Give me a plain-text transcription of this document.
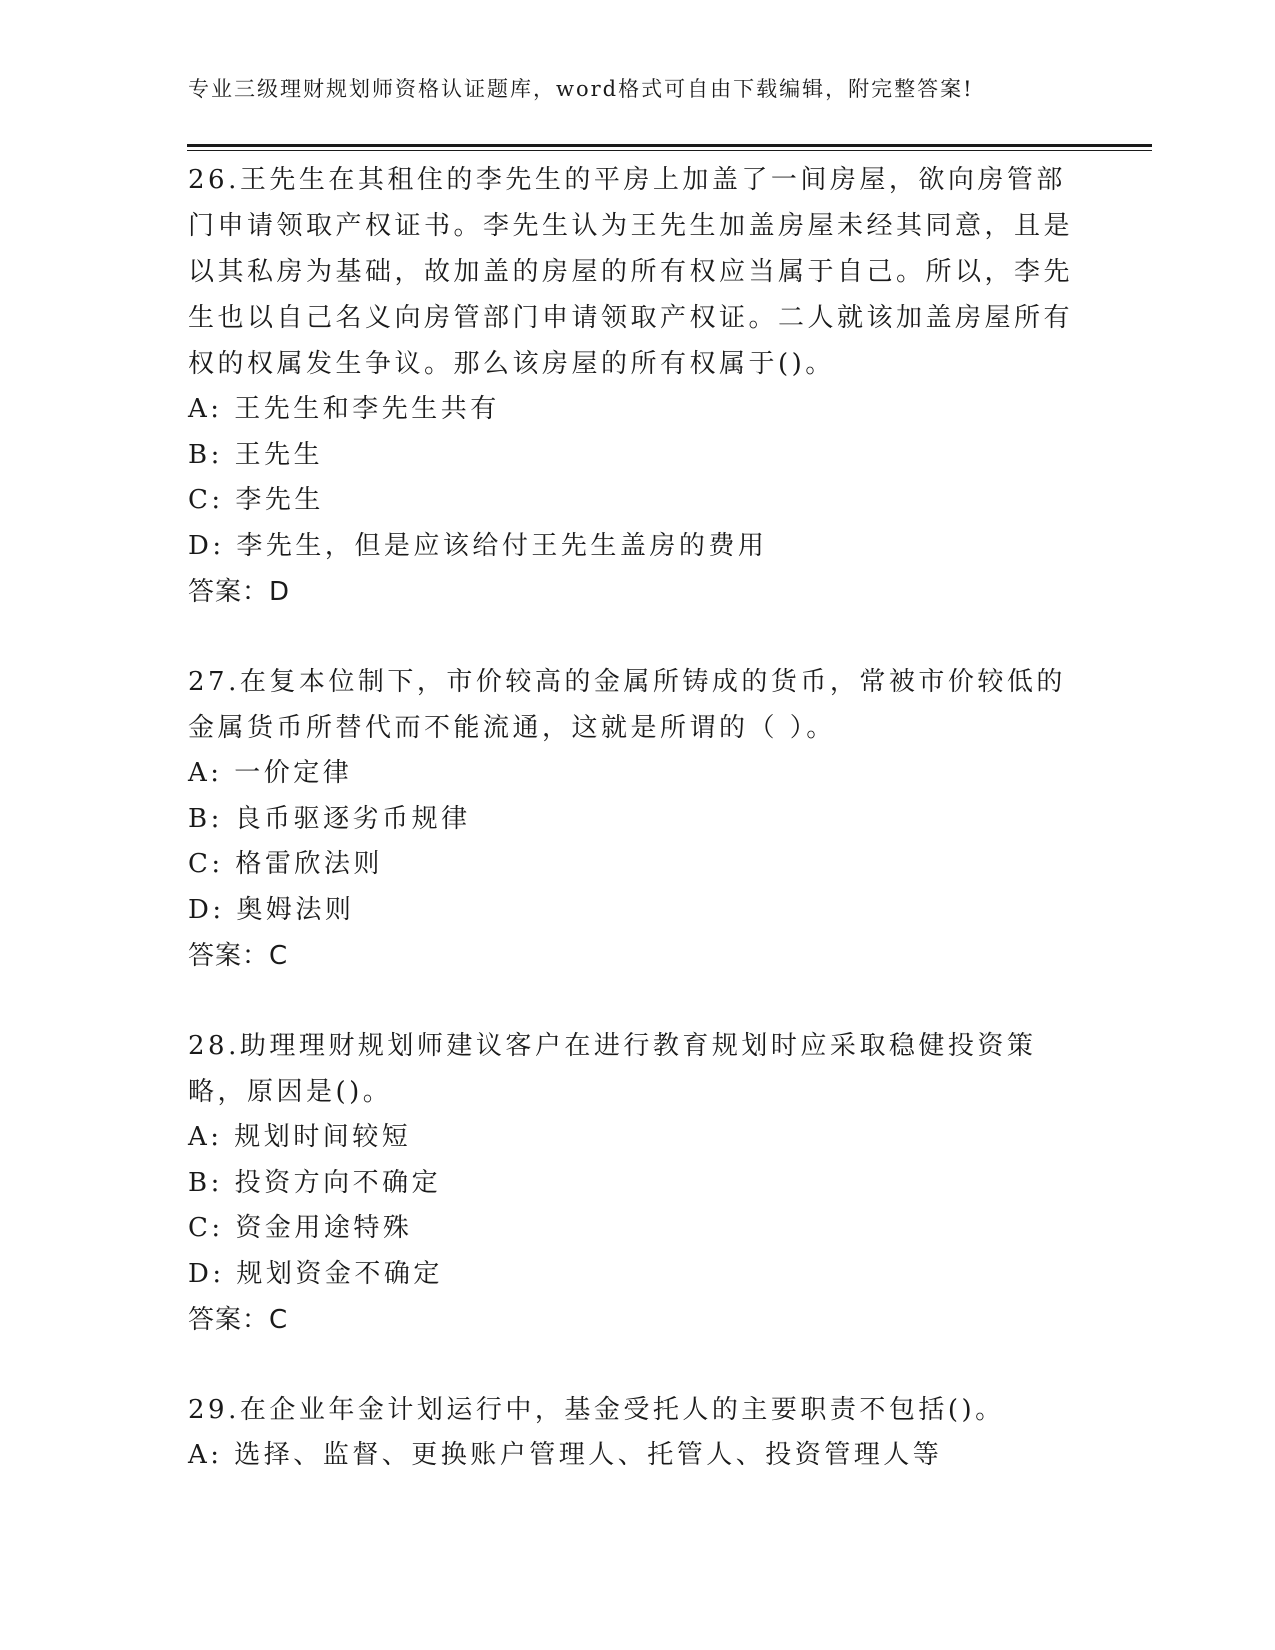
专业三级理财规划师资格认证题库，word格式可自由下载编辑，附完整答案!

26.王先生在其租住的李先生的平房上加盖了一间房屋，欲向房管部门申请领取产权证书。李先生认为王先生加盖房屋未经其同意，且是以其私房为基础，故加盖的房屋的所有权应当属于自己。所以，李先生也以自己名义向房管部门申请领取产权证。二人就该加盖房屋所有权的权属发生争议。那么该房屋的所有权属于()。

A: 王先生和李先生共有

B: 王先生

C: 李先生

D: 李先生，但是应该给付王先生盖房的费用

答案：D

27.在复本位制下，市价较高的金属所铸成的货币，常被市价较低的金属货币所替代而不能流通，这就是所谓的（ ）。

A: 一价定律

B: 良币驱逐劣币规律

C: 格雷欣法则

D: 奥姆法则

答案：C

28.助理理财规划师建议客户在进行教育规划时应采取稳健投资策略，原因是()。

A: 规划时间较短

B: 投资方向不确定

C: 资金用途特殊

D: 规划资金不确定

答案：C

29.在企业年金计划运行中，基金受托人的主要职责不包括()。

A: 选择、监督、更换账户管理人、托管人、投资管理人等
